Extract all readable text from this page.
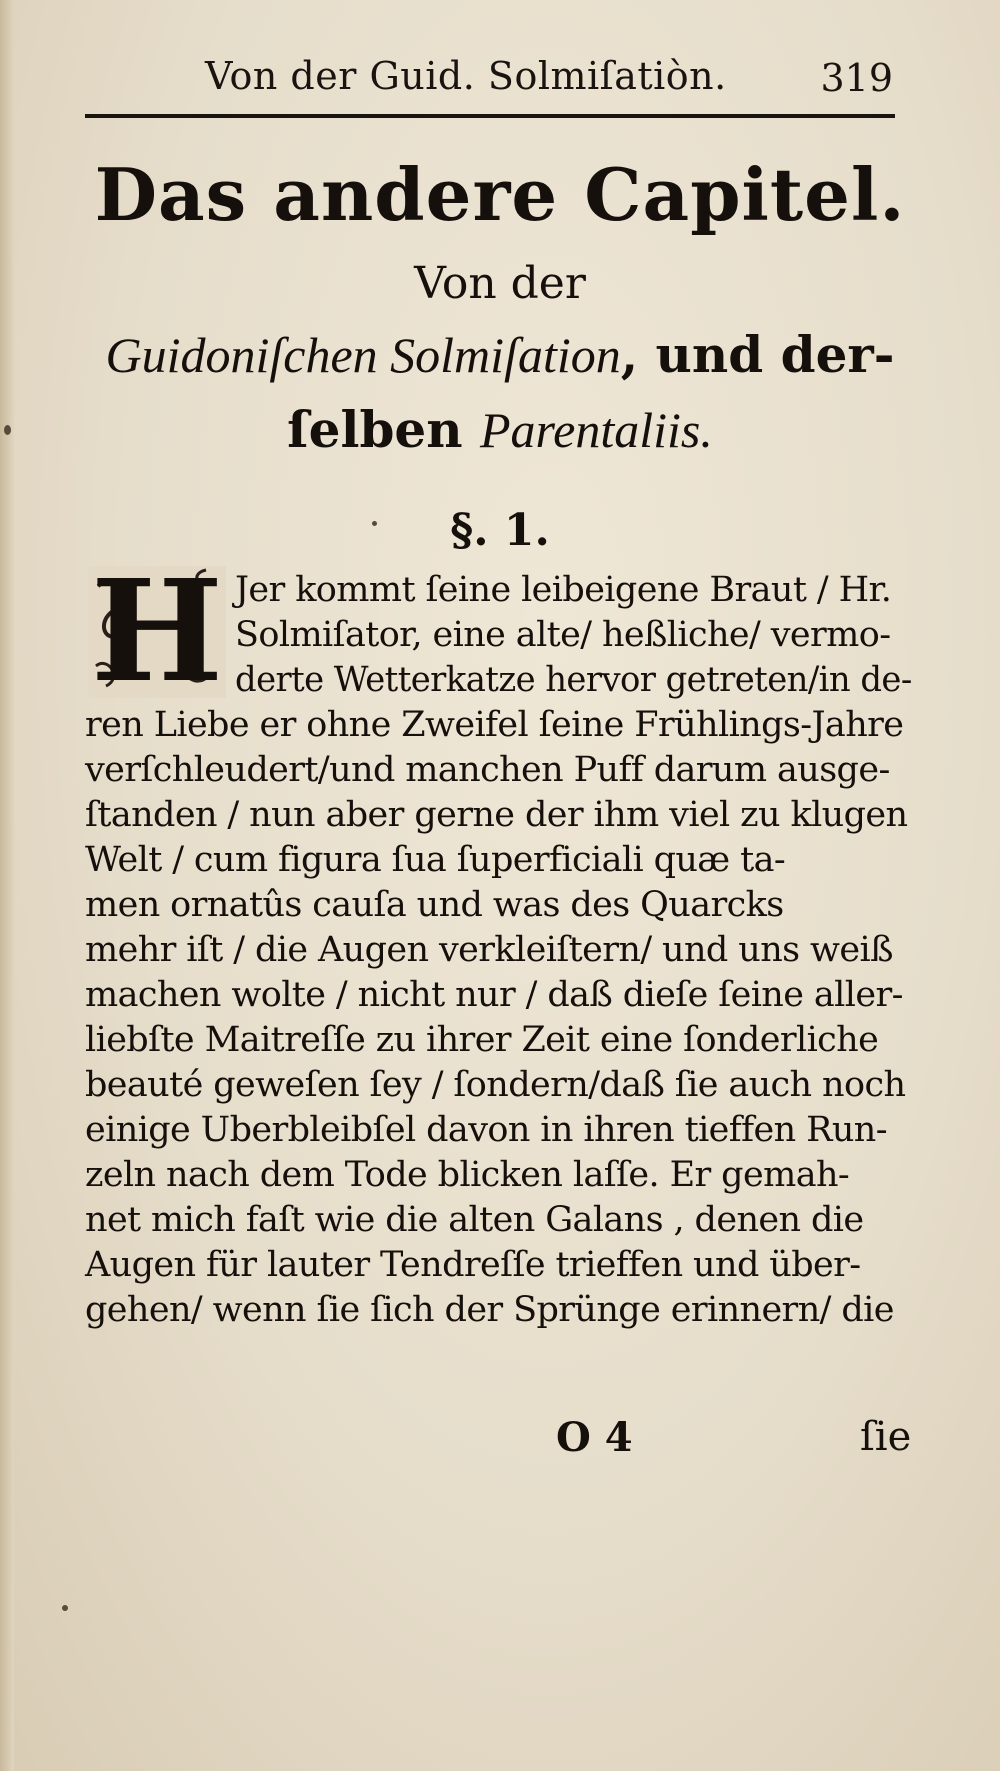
Von der Guid. Solmiſatiòn. 319
Das andere Capitel.
Von der
Guidoniſchen Solmiſation, und der‑
ſelben Parentaliis.
§. 1.
H Jer kommt ſeine leibeigene Braut / Hr.
Solmiſator, eine alte/ heßliche/ vermo‑
derte Wetterkatze hervor getreten/in de‑
ren Liebe er ohne Zweifel ſeine Frühlings‑Jahre
verſchleudert/und manchen Puff darum ausge‑
ſtanden / nun aber gerne der ihm viel zu klugen
Welt / cum figura ſua ſuperficiali quæ ta‑
men ornatûs cauſa und was des Quarcks
mehr iſt / die Augen verkleiſtern/ und uns weiß
machen wolte / nicht nur / daß dieſe ſeine aller‑
liebſte Maitreſſe zu ihrer Zeit eine ſonderliche
beauté geweſen ſey / ſondern/daß ſie auch noch
einige Uberbleibſel davon in ihren tieffen Run‑
zeln nach dem Tode blicken laſſe. Er gemah‑
net mich faſt wie die alten Galans , denen die
Augen für lauter Tendreſſe trieffen und über‑
gehen/ wenn ſie ſich der Sprünge erinnern/ die
O 4	ſie
